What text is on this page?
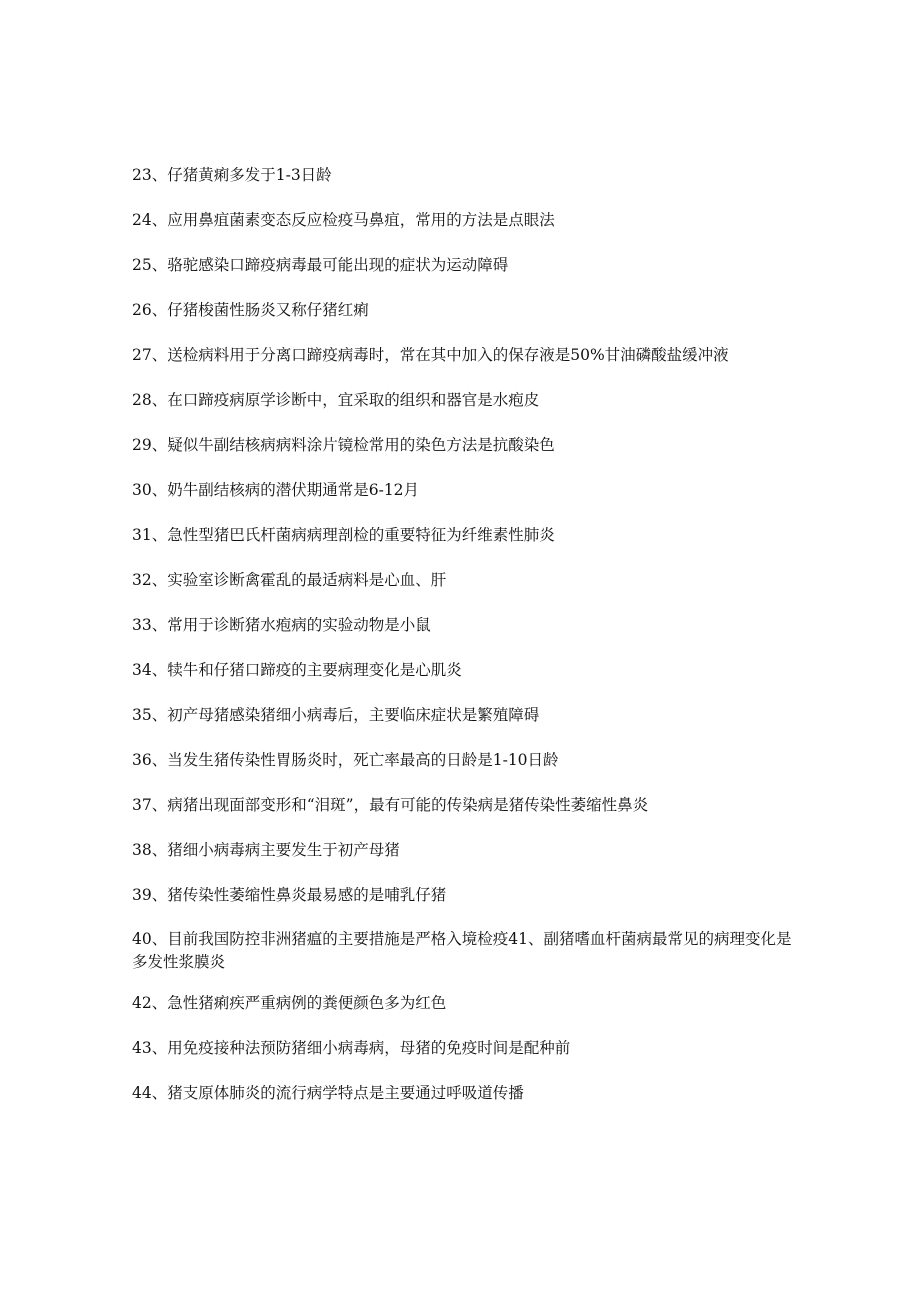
23、仔猪黄痢多发于1-3日龄
24、应用鼻疽菌素变态反应检疫马鼻疽，常用的方法是点眼法
25、骆驼感染口蹄疫病毒最可能出现的症状为运动障碍
26、仔猪梭菌性肠炎又称仔猪红痢
27、送检病料用于分离口蹄疫病毒时，常在其中加入的保存液是50%甘油磷酸盐缓冲液
28、在口蹄疫病原学诊断中，宜采取的组织和器官是水疱皮
29、疑似牛副结核病病料涂片镜检常用的染色方法是抗酸染色
30、奶牛副结核病的潜伏期通常是6-12月
31、急性型猪巴氏杆菌病病理剖检的重要特征为纤维素性肺炎
32、实验室诊断禽霍乱的最适病料是心血、肝
33、常用于诊断猪水疱病的实验动物是小鼠
34、犊牛和仔猪口蹄疫的主要病理变化是心肌炎
35、初产母猪感染猪细小病毒后，主要临床症状是繁殖障碍
36、当发生猪传染性胃肠炎时，死亡率最高的日龄是1-10日龄
37、病猪出现面部变形和“泪斑”，最有可能的传染病是猪传染性萎缩性鼻炎
38、猪细小病毒病主要发生于初产母猪
39、猪传染性萎缩性鼻炎最易感的是哺乳仔猪
40、目前我国防控非洲猪瘟的主要措施是严格入境检疫41、副猪嗜血杆菌病最常见的病理变化是多发性浆膜炎
42、急性猪痢疾严重病例的粪便颜色多为红色
43、用免疫接种法预防猪细小病毒病，母猪的免疫时间是配种前
44、猪支原体肺炎的流行病学特点是主要通过呼吸道传播
